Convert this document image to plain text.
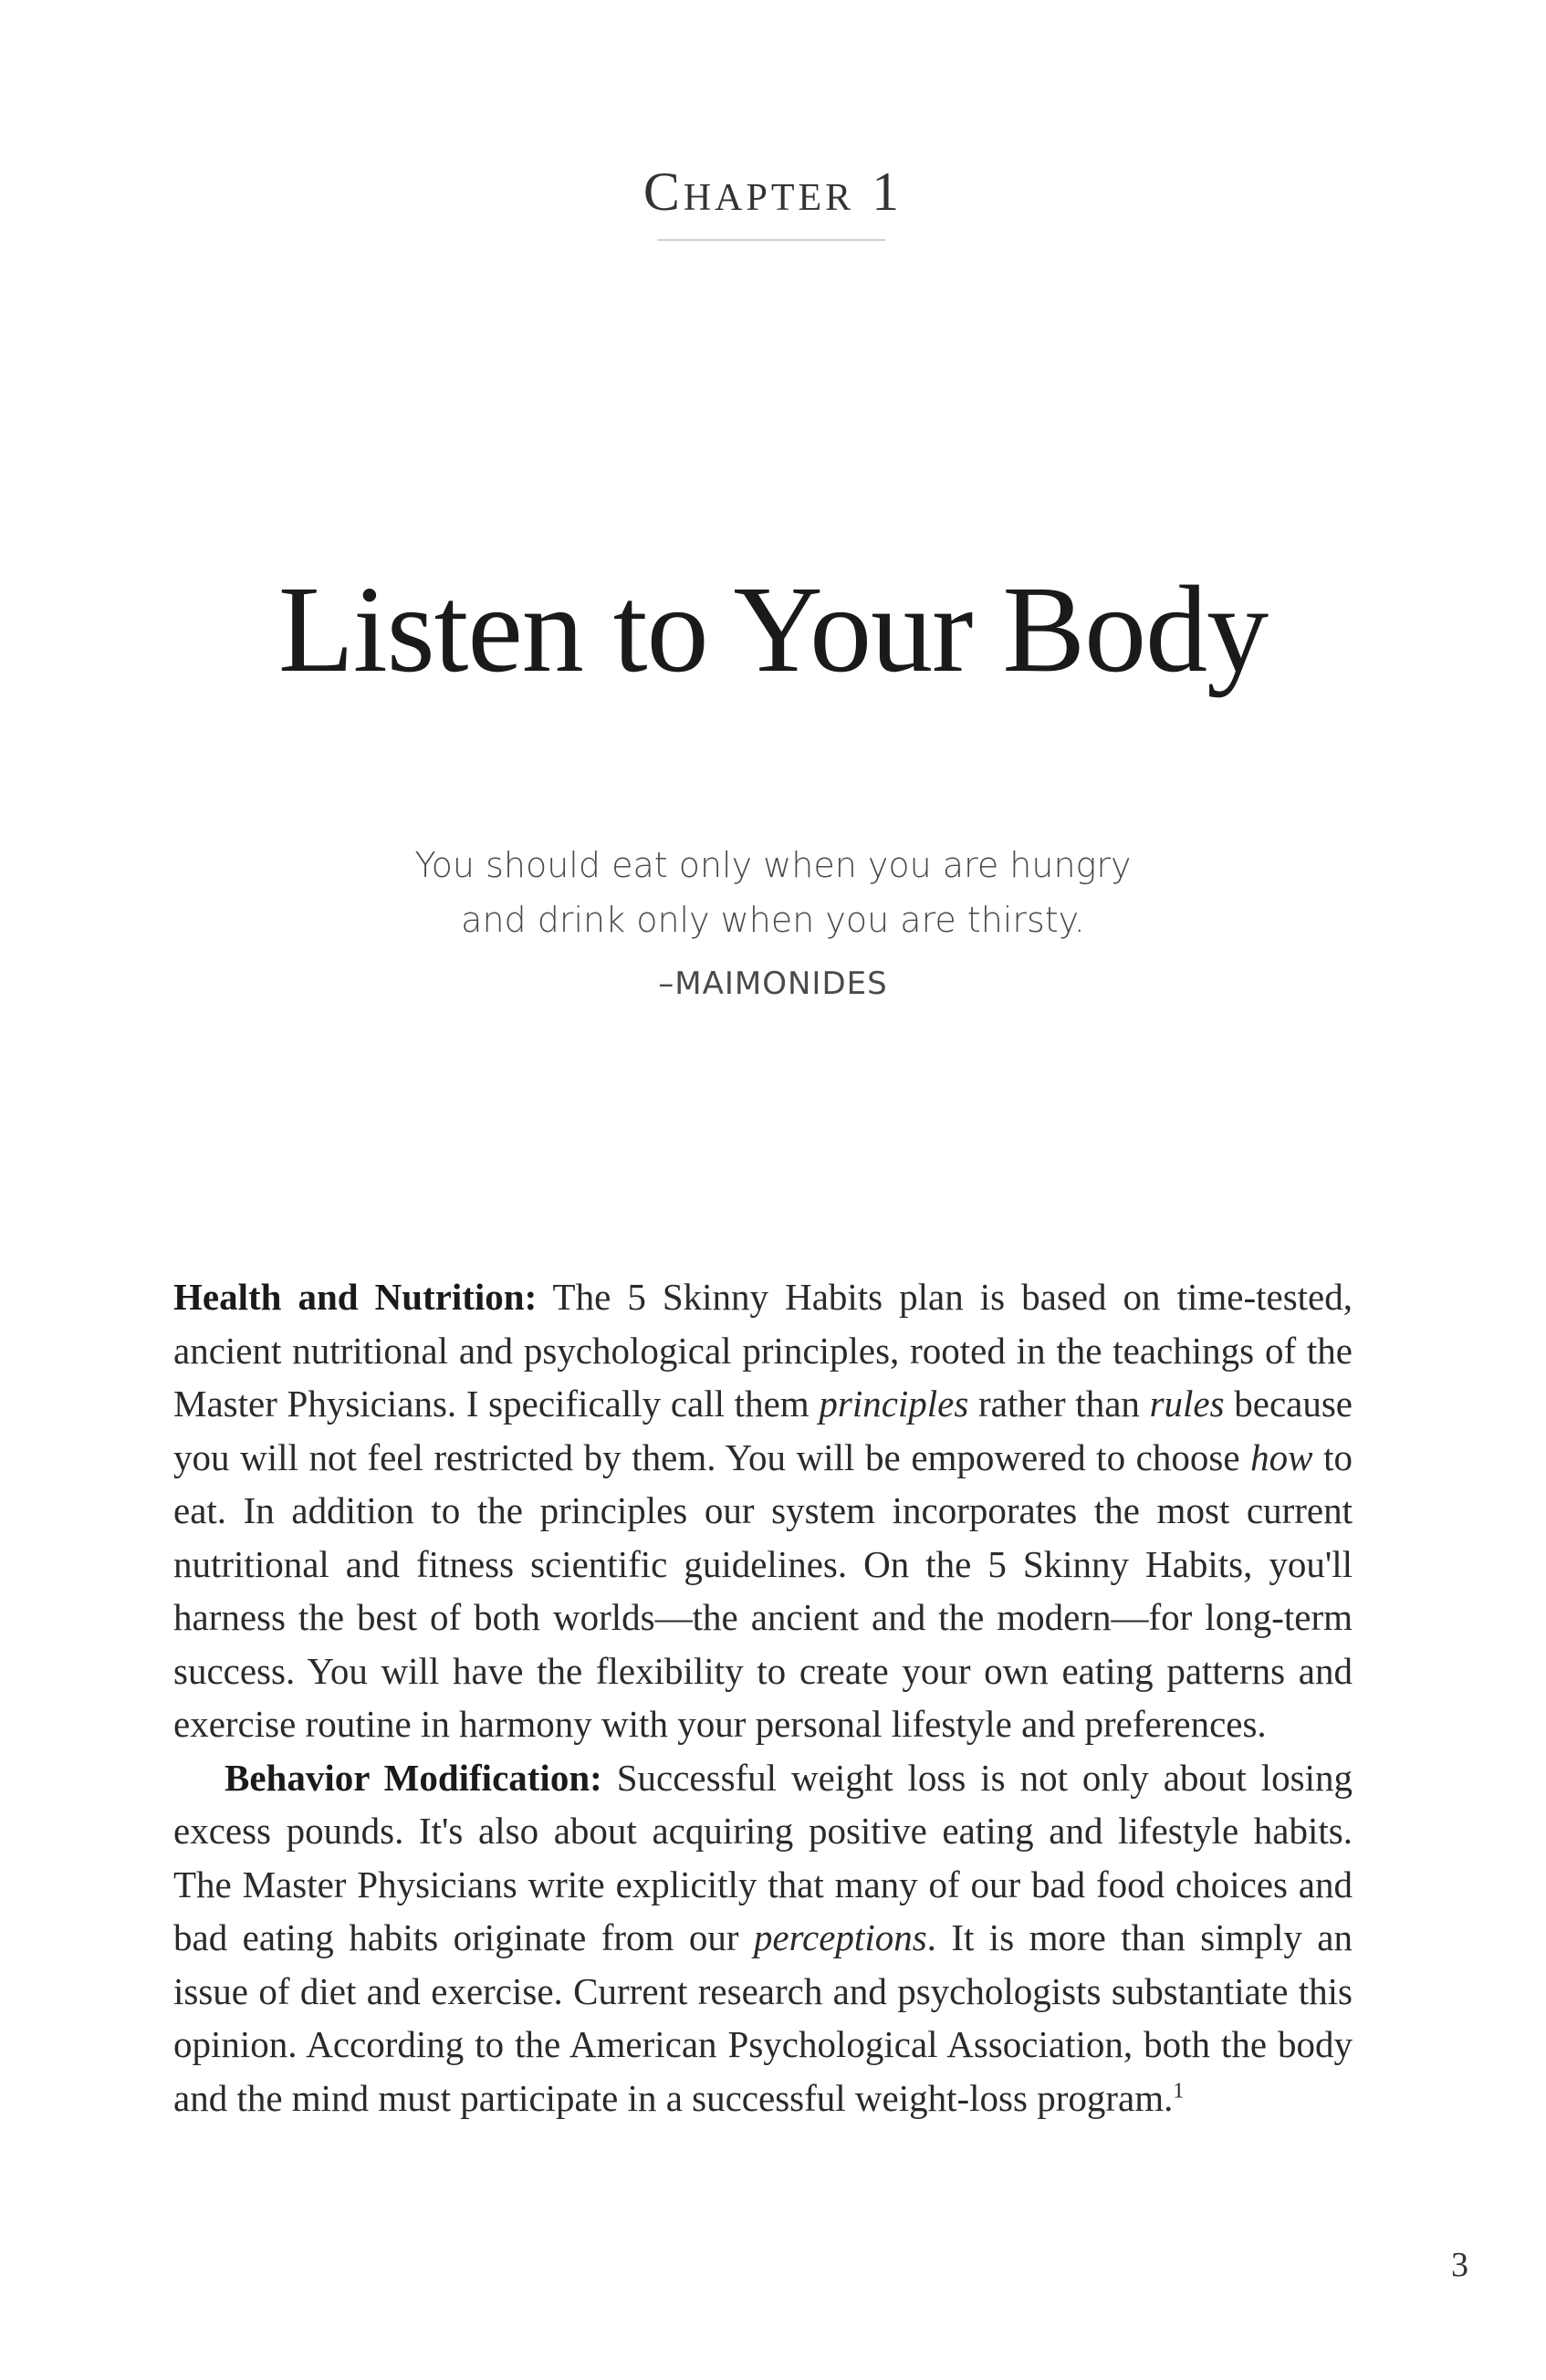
Chapter 1
Listen to Your Body
You should eat only when you are hungry
and drink only when you are thirsty.
–MAIMONIDES

Health and Nutrition: The 5 Skinny Habits plan is based on time-tested, ancient nutritional and psychological principles, rooted in the teachings of the Master Physicians. I specifically call them principles rather than rules because you will not feel restricted by them. You will be empowered to choose how to eat. In addition to the principles our system incorporates the most current nutritional and fitness scientific guidelines. On the 5 Skinny Habits, you'll harness the best of both worlds—the ancient and the modern—for long-term success. You will have the flexibility to create your own eating patterns and exercise routine in harmony with your personal lifestyle and preferences.

Behavior Modification: Successful weight loss is not only about losing excess pounds. It's also about acquiring positive eating and lifestyle habits. The Master Physicians write explicitly that many of our bad food choices and bad eating habits originate from our perceptions. It is more than simply an issue of diet and exercise. Current research and psychologists substantiate this opinion. According to the American Psychological Association, both the body and the mind must participate in a successful weight-loss program.$^1$

3
